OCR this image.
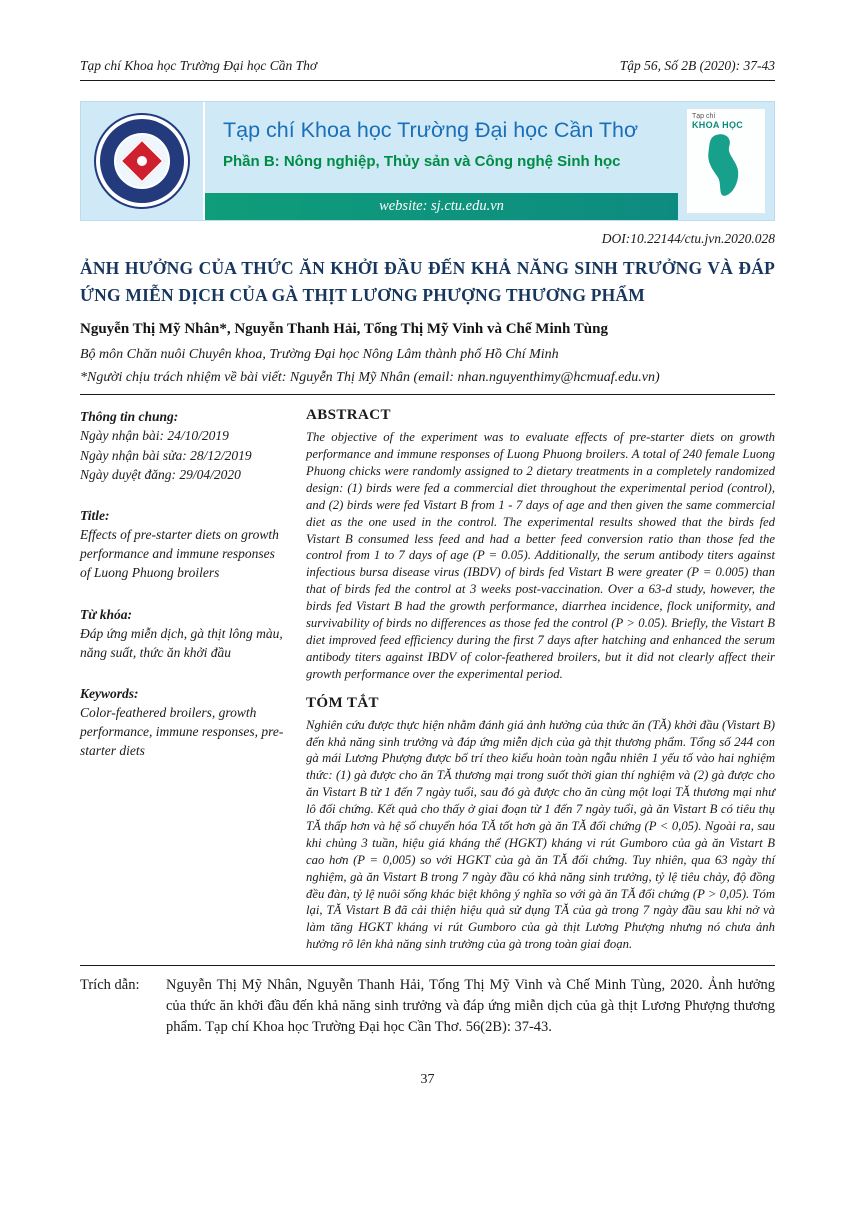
Tạp chí Khoa học Trường Đại học Cần Thơ	Tập 56, Số 2B (2020): 37-43
Tạp chí Khoa học Trường Đại học Cần Thơ
Phần B: Nông nghiệp, Thủy sản và Công nghệ Sinh học
website: sj.ctu.edu.vn
Tạp chí
KHOA HỌC
DOI:10.22144/ctu.jvn.2020.028
ẢNH HƯỞNG CỦA THỨC ĂN KHỞI ĐẦU ĐẾN KHẢ NĂNG SINH TRƯỞNG VÀ ĐÁP ỨNG MIỄN DỊCH CỦA GÀ THỊT LƯƠNG PHƯỢNG THƯƠNG PHẨM
Nguyễn Thị Mỹ Nhân*, Nguyễn Thanh Hải, Tống Thị Mỹ Vinh và Chế Minh Tùng
Bộ môn Chăn nuôi Chuyên khoa, Trường Đại học Nông Lâm thành phố Hồ Chí Minh
*Người chịu trách nhiệm về bài viết: Nguyễn Thị Mỹ Nhân (email: nhan.nguyenthimy@hcmuaf.edu.vn)

Thông tin chung:

Ngày nhận bài: 24/10/2019

Ngày nhận bài sửa: 28/12/2019

Ngày duyệt đăng: 29/04/2020

Title:

Effects of pre-starter diets on growth performance and immune responses of Luong Phuong broilers

Từ khóa:

Đáp ứng miễn dịch, gà thịt lông màu, năng suất, thức ăn khởi đầu

Keywords:

Color-feathered broilers, growth performance, immune responses, pre-starter diets

ABSTRACT

The objective of the experiment was to evaluate effects of pre-starter diets on growth performance and immune responses of Luong Phuong broilers. A total of 240 female Luong Phuong chicks were randomly assigned to 2 dietary treatments in a completely randomized design: (1) birds were fed a commercial diet throughout the experimental period (control), and (2) birds were fed Vistart B from 1 - 7 days of age and then given the same commercial diet as the one used in the control. The experimental results showed that the birds fed Vistart B consumed less feed and had a better feed conversion ratio than those fed the control from 1 to 7 days of age (P = 0.05). Additionally, the serum antibody titers against infectious bursa disease virus (IBDV) of birds fed Vistart B were greater (P = 0.005) than that of birds fed the control at 3 weeks post-vaccination. Over a 63-d study, however, the birds fed Vistart B had the growth performance, diarrhea incidence, flock uniformity, and survivability of birds no differences as those fed the control (P > 0.05). Briefly, the Vistart B diet improved feed efficiency during the first 7 days after hatching and enhanced the serum antibody titers against IBDV of color-feathered broilers, but it did not clearly affect their growth performance over the experimental period.

TÓM TẮT

Nghiên cứu được thực hiện nhằm đánh giá ảnh hưởng của thức ăn (TĂ) khởi đầu (Vistart B) đến khả năng sinh trưởng và đáp ứng miễn dịch của gà thịt thương phẩm. Tổng số 244 con gà mái Lương Phượng được bố trí theo kiểu hoàn toàn ngẫu nhiên 1 yếu tố vào hai nghiệm thức: (1) gà được cho ăn TĂ thương mại trong suốt thời gian thí nghiệm và (2) gà được cho ăn Vistart B từ 1 đến 7 ngày tuổi, sau đó gà được cho ăn cùng một loại TĂ thương mại như lô đối chứng. Kết quả cho thấy ở giai đoạn từ 1 đến 7 ngày tuổi, gà ăn Vistart B có tiêu thụ TĂ thấp hơn và hệ số chuyển hóa TĂ tốt hơn gà ăn TĂ đối chứng (P < 0,05). Ngoài ra, sau khi chủng 3 tuần, hiệu giá kháng thể (HGKT) kháng vi rút Gumboro của gà ăn Vistart B cao hơn (P = 0,005) so với HGKT của gà ăn TĂ đối chứng. Tuy nhiên, qua 63 ngày thí nghiệm, gà ăn Vistart B trong 7 ngày đầu có khả năng sinh trưởng, tỷ lệ tiêu chảy, độ đồng đều đàn, tỷ lệ nuôi sống khác biệt không ý nghĩa so với gà ăn TĂ đối chứng (P > 0,05). Tóm lại, TĂ Vistart B đã cải thiện hiệu quả sử dụng TĂ của gà trong 7 ngày đầu sau khi nở và làm tăng HGKT kháng vi rút Gumboro của gà thịt Lương Phượng nhưng nó chưa ảnh hưởng rõ lên khả năng sinh trưởng của gà trong toàn giai đoạn.

Trích dẫn:	Nguyễn Thị Mỹ Nhân, Nguyễn Thanh Hải, Tống Thị Mỹ Vinh và Chế Minh Tùng, 2020. Ảnh hưởng của thức ăn khởi đầu đến khả năng sinh trưởng và đáp ứng miễn dịch của gà thịt Lương Phượng thương phẩm. Tạp chí Khoa học Trường Đại học Cần Thơ. 56(2B): 37-43.
37
